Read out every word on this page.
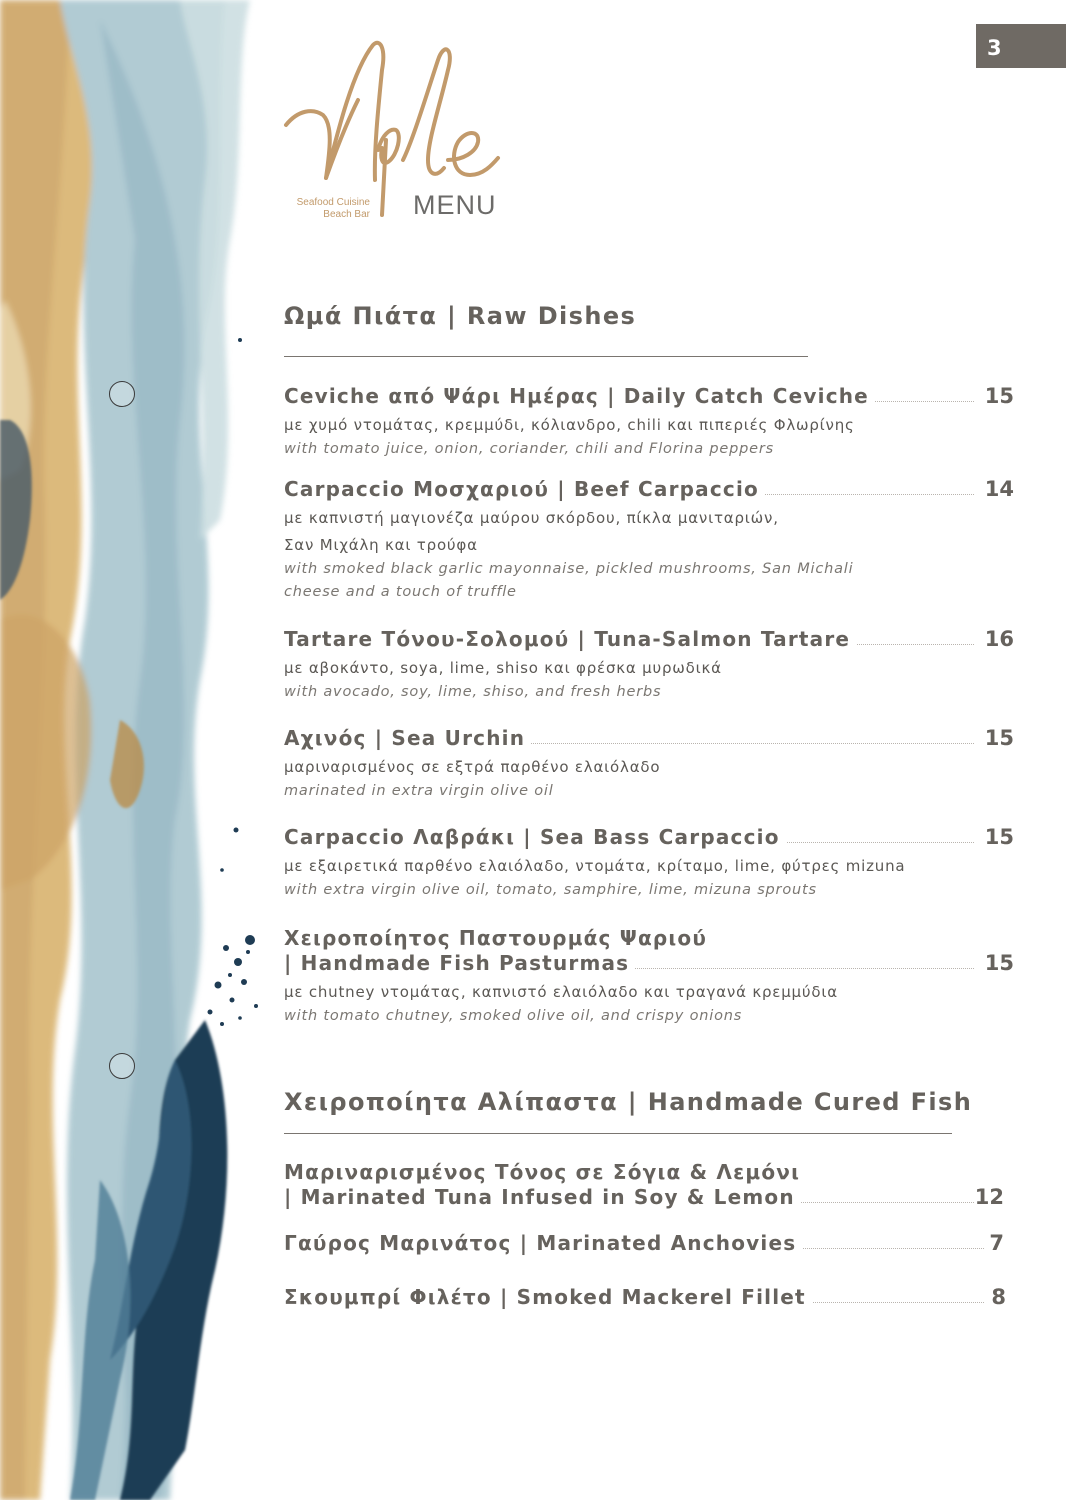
3
Seafood Cuisine
Beach Bar MENU
Ωμά Πιάτα | Raw Dishes
Ceviche από Ψάρι Ημέρας | Daily Catch Ceviche	15
με χυμό ντομάτας, κρεμμύδι, κόλιανδρο, chili και πιπεριές Φλωρίνης
with tomato juice, onion, coriander, chili and Florina peppers
Carpaccio Μοσχαριού | Beef Carpaccio	14
με καπνιστή μαγιονέζα μαύρου σκόρδου, πίκλα μανιταριών,
Σαν Μιχάλη και τρούφα
with smoked black garlic mayonnaise, pickled mushrooms, San Michali
cheese and a touch of truffle
Tartare Τόνου-Σολομού | Tuna-Salmon Tartare	16
με αβοκάντο, soya, lime, shiso και φρέσκα μυρωδικά
with avocado, soy, lime, shiso, and fresh herbs
Αχινός | Sea Urchin	15
μαριναρισμένος σε εξτρά παρθένο ελαιόλαδο
marinated in extra virgin olive oil
Carpaccio Λαβράκι | Sea Bass Carpaccio	15
με εξαιρετικά παρθένο ελαιόλαδο, ντομάτα, κρίταμο, lime, φύτρες mizuna
with extra virgin olive oil, tomato, samphire, lime, mizuna sprouts
Χειροποίητος Παστουρμάς Ψαριού
| Handmade Fish Pasturmas	15
με chutney ντομάτας, καπνιστό ελαιόλαδο και τραγανά κρεμμύδια
with tomato chutney, smoked olive oil, and crispy onions
Χειροποίητα Αλίπαστα | Handmade Cured Fish
Μαριναρισμένος Τόνος σε Σόγια & Λεμόνι
| Marinated Tuna Infused in Soy & Lemon	12
Γαύρος Μαρινάτος | Marinated Anchovies	7
Σκουμπρί Φιλέτο | Smoked Mackerel Fillet	8
